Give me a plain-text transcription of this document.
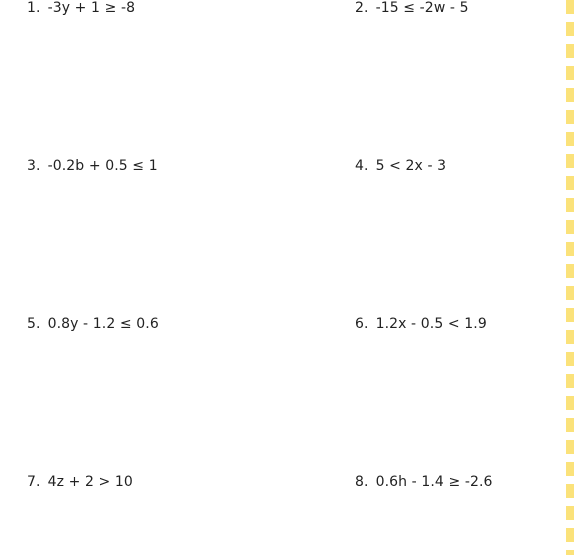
1. -3y + 1 ≥ -8	2. -15 ≤ -2w - 5
3. -0.2b + 0.5 ≤ 1	4. 5 < 2x - 3
5. 0.8y - 1.2 ≤ 0.6	6. 1.2x - 0.5 < 1.9
7. 4z + 2 > 10	8. 0.6h - 1.4 ≥ -2.6
